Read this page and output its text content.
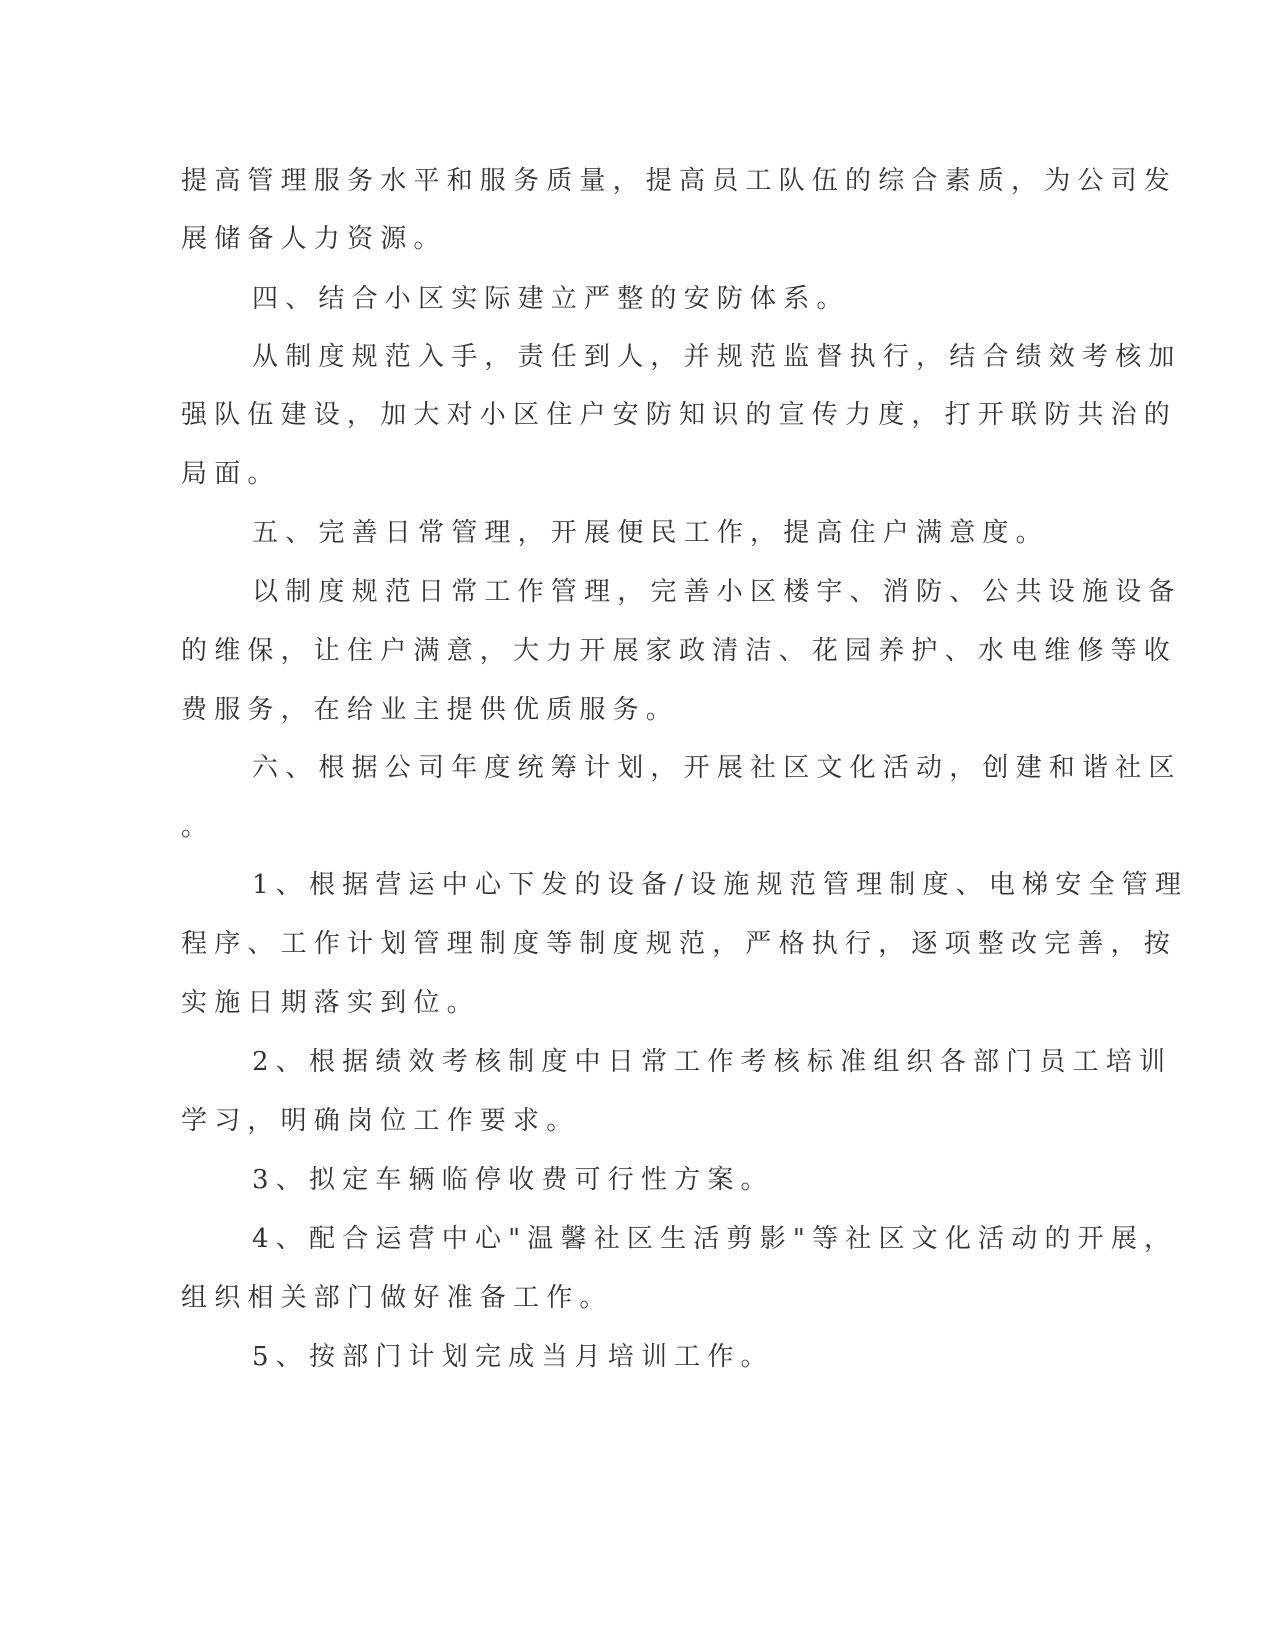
提高管理服务水平和服务质量，提高员工队伍的综合素质，为公司发
展储备人力资源。
四、结合小区实际建立严整的安防体系。
从制度规范入手，责任到人，并规范监督执行，结合绩效考核加
强队伍建设，加大对小区住户安防知识的宣传力度，打开联防共治的
局面。
五、完善日常管理，开展便民工作，提高住户满意度。
以制度规范日常工作管理，完善小区楼宇、消防、公共设施设备
的维保，让住户满意，大力开展家政清洁、花园养护、水电维修等收
费服务，在给业主提供优质服务。
六、根据公司年度统筹计划，开展社区文化活动，创建和谐社区
。
1、根据营运中心下发的设备/设施规范管理制度、电梯安全管理
程序、工作计划管理制度等制度规范，严格执行，逐项整改完善，按
实施日期落实到位。
2、根据绩效考核制度中日常工作考核标准组织各部门员工培训
学习，明确岗位工作要求。
3、拟定车辆临停收费可行性方案。
4、配合运营中心"温馨社区生活剪影"等社区文化活动的开展，
组织相关部门做好准备工作。
5、按部门计划完成当月培训工作。
